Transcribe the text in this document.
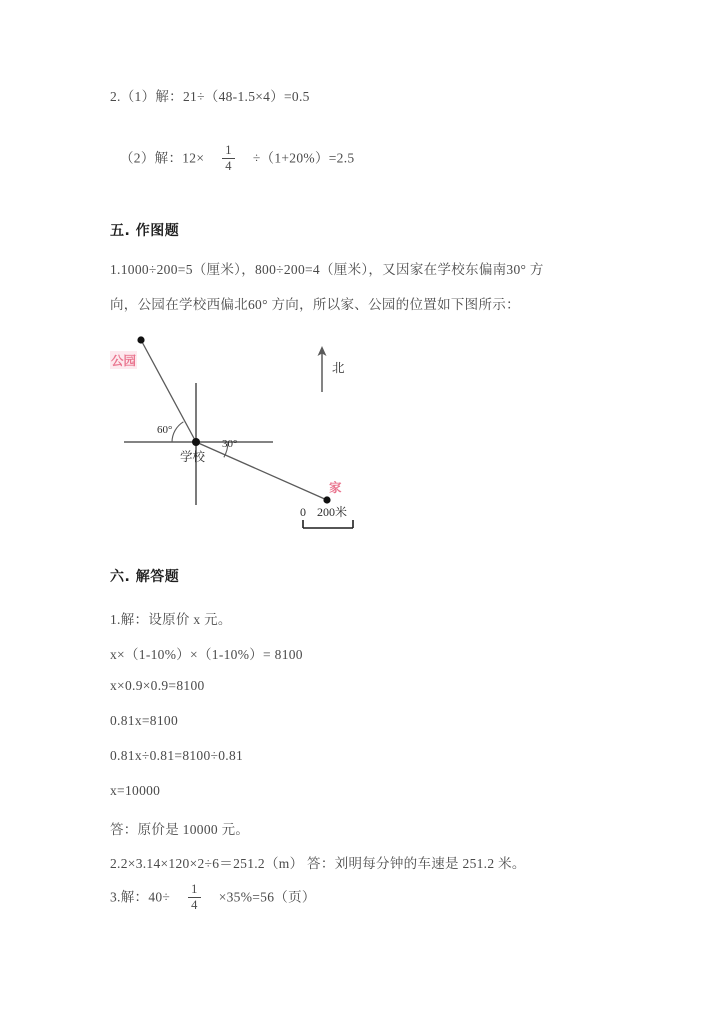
2.（1）解：21÷（48-1.5×4）=0.5
（2）解：$12\times \frac{1}{4} \div(1+20\%)=2.5$
五. 作图题
1.1000÷200=5（厘米），800÷200=4（厘米），又因家在学校东偏南30° 方
向，公园在学校西偏北60° 方向，所以家、公园的位置如下图所示：
公园
家
学校
60°
30°
北
0 200米
六. 解答题
1.解：设原价 x 元。
x×（1-10%）×（1-10%）= 8100
x×0.9×0.9=8100
0.81x=8100
0.81x÷0.81=8100÷0.81
x=10000
答：原价是 10000 元。
2.2×3.14×120×2÷6＝251.2（m） 答：刘明每分钟的车速是 251.2 米。
3.解：$40\div \frac{1}{4} \times 35\%=56$（页）
